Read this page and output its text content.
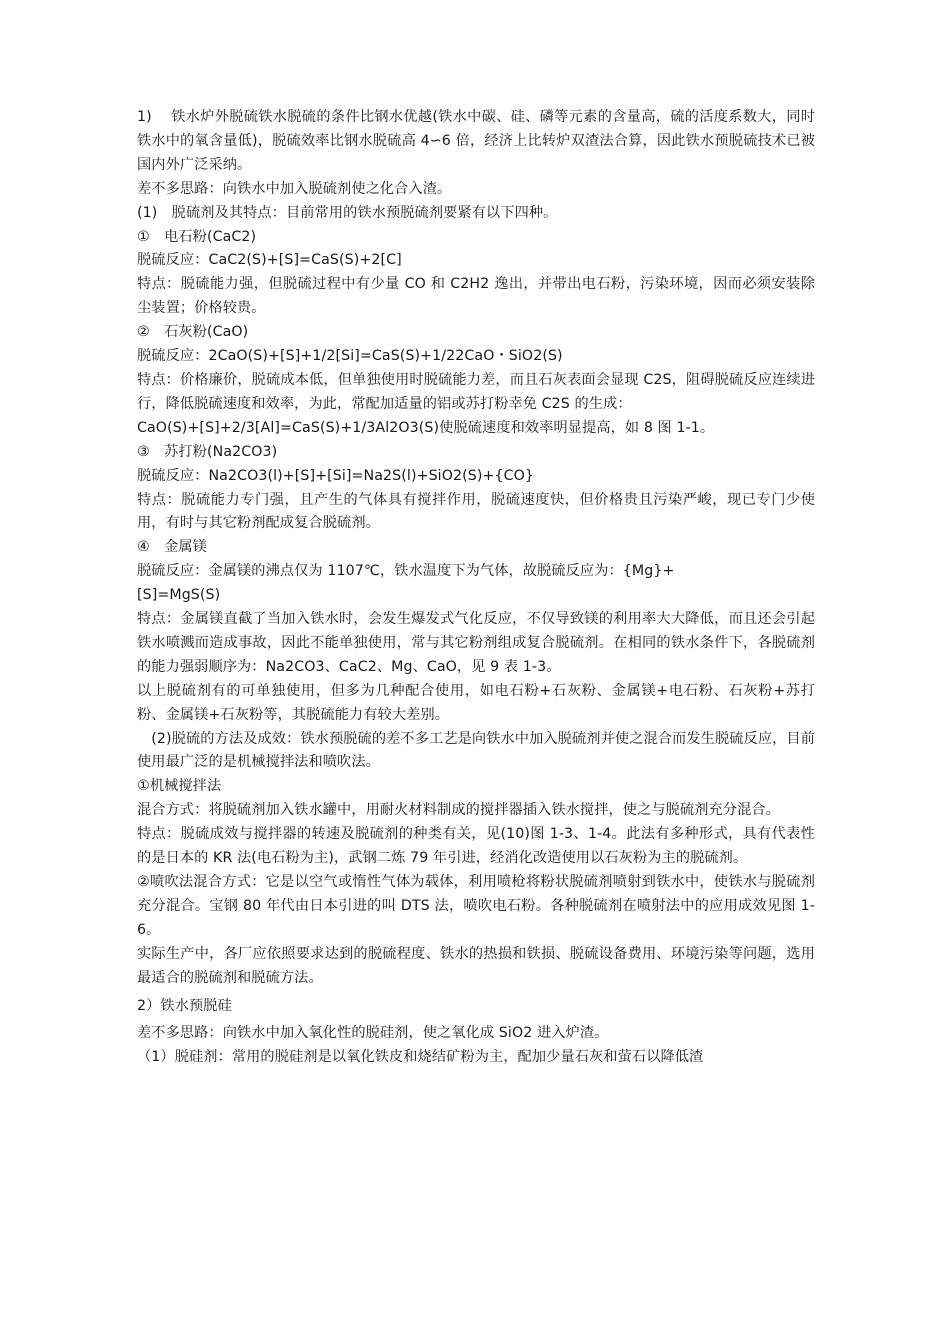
1)　 铁水炉外脱硫铁水脱硫的条件比钢水优越(铁水中碳、硅、磷等元素的含量高，硫的活度系数大，同时铁水中的氧含量低)，脱硫效率比钢水脱硫高 4∽6 倍，经济上比转炉双渣法合算，因此铁水预脱硫技术已被国内外广泛采纳。

差不多思路：向铁水中加入脱硫剂使之化合入渣。

(1)　脱硫剂及其特点：目前常用的铁水预脱硫剂要紧有以下四种。

①　电石粉(CaC2)

脱硫反应：CaC2(S)+[S]=CaS(S)+2[C]

特点：脱硫能力强，但脱硫过程中有少量 CO 和 C2H2 逸出，并带出电石粉，污染环境，因而必须安装除尘装置；价格较贵。

②　石灰粉(CaO)

脱硫反应：2CaO(S)+[S]+1/2[Si]=CaS(S)+1/22CaO・SiO2(S)

特点：价格廉价，脱硫成本低，但单独使用时脱硫能力差，而且石灰表面会显现 C2S，阻碍脱硫反应连续进行，降低脱硫速度和效率，为此，常配加适量的铝或苏打粉幸免 C2S 的生成：

CaO(S)+[S]+2/3[Al]=CaS(S)+1/3Al2O3(S)使脱硫速度和效率明显提高，如 8 图 1-1。

③　苏打粉(Na2CO3)

脱硫反应：Na2CO3(l)+[S]+[Si]=Na2S(l)+SiO2(S)+{CO}

特点：脱硫能力专门强，且产生的气体具有搅拌作用，脱硫速度快，但价格贵且污染严峻，现已专门少使用，有时与其它粉剂配成复合脱硫剂。

④　金属镁

脱硫反应：金属镁的沸点仅为 1107℃，铁水温度下为气体，故脱硫反应为：{Mg}+

[S]=MgS(S)

特点：金属镁直截了当加入铁水时，会发生爆发式气化反应，不仅导致镁的利用率大大降低，而且还会引起铁水喷溅而造成事故，因此不能单独使用，常与其它粉剂组成复合脱硫剂。在相同的铁水条件下，各脱硫剂的能力强弱顺序为：Na2CO3、CaC2、Mg、CaO，见 9 表 1-3。

以上脱硫剂有的可单独使用，但多为几种配合使用，如电石粉+石灰粉、金属镁+电石粉、石灰粉+苏打粉、金属镁+石灰粉等，其脱硫能力有较大差别。

　(2)脱硫的方法及成效：铁水预脱硫的差不多工艺是向铁水中加入脱硫剂并使之混合而发生脱硫反应，目前使用最广泛的是机械搅拌法和喷吹法。

①机械搅拌法

混合方式：将脱硫剂加入铁水罐中，用耐火材料制成的搅拌器插入铁水搅拌，使之与脱硫剂充分混合。

特点：脱硫成效与搅拌器的转速及脱硫剂的种类有关，见(10)图 1-3、1-4。此法有多种形式，具有代表性的是日本的 KR 法(电石粉为主)，武钢二炼 79 年引进，经消化改造使用以石灰粉为主的脱硫剂。

②喷吹法混合方式：它是以空气或惰性气体为载体，利用喷枪将粉状脱硫剂喷射到铁水中，使铁水与脱硫剂充分混合。宝钢 80 年代由日本引进的叫 DTS 法，喷吹电石粉。各种脱硫剂在喷射法中的应用成效见图 1-6。

实际生产中，各厂应依照要求达到的脱硫程度、铁水的热损和铁损、脱硫设备费用、环境污染等问题，选用最适合的脱硫剂和脱硫方法。

2）铁水预脱硅

差不多思路：向铁水中加入氧化性的脱硅剂，使之氧化成 SiO2 进入炉渣。

（1）脱硅剂：常用的脱硅剂是以氧化铁皮和烧结矿粉为主，配加少量石灰和萤石以降低渣
